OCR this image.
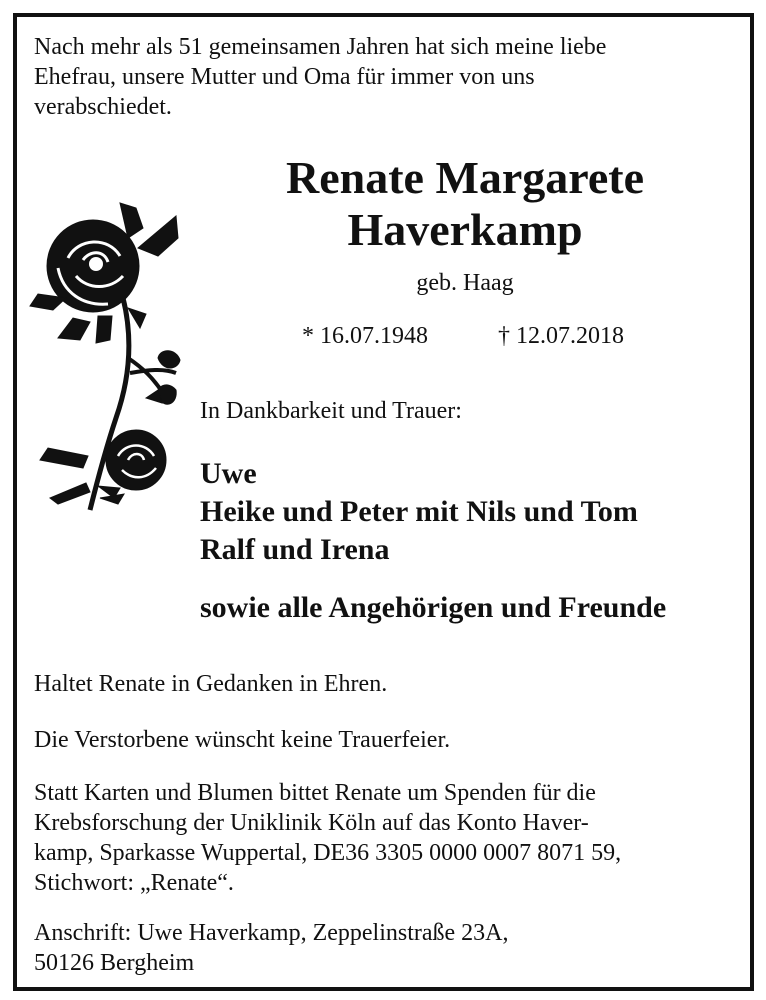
Nach mehr als 51 gemeinsamen Jahren hat sich meine liebe
Ehefrau, unsere Mutter und Oma für immer von uns
verabschiedet.

Renate Margarete
Haverkamp

geb. Haag

* 16.07.1948	† 12.07.2018

In Dankbarkeit und Trauer:

Uwe
Heike und Peter mit Nils und Tom
Ralf und Irena

sowie alle Angehörigen und Freunde

Haltet Renate in Gedanken in Ehren.

Die Verstorbene wünscht keine Trauerfeier.

Statt Karten und Blumen bittet Renate um Spenden für die
Krebsforschung der Uniklinik Köln auf das Konto Haver-
kamp, Sparkasse Wuppertal, DE36 3305 0000 0007 8071 59,
Stichwort: „Renate“.

Anschrift: Uwe Haverkamp, Zeppelinstraße 23A,
50126 Bergheim
